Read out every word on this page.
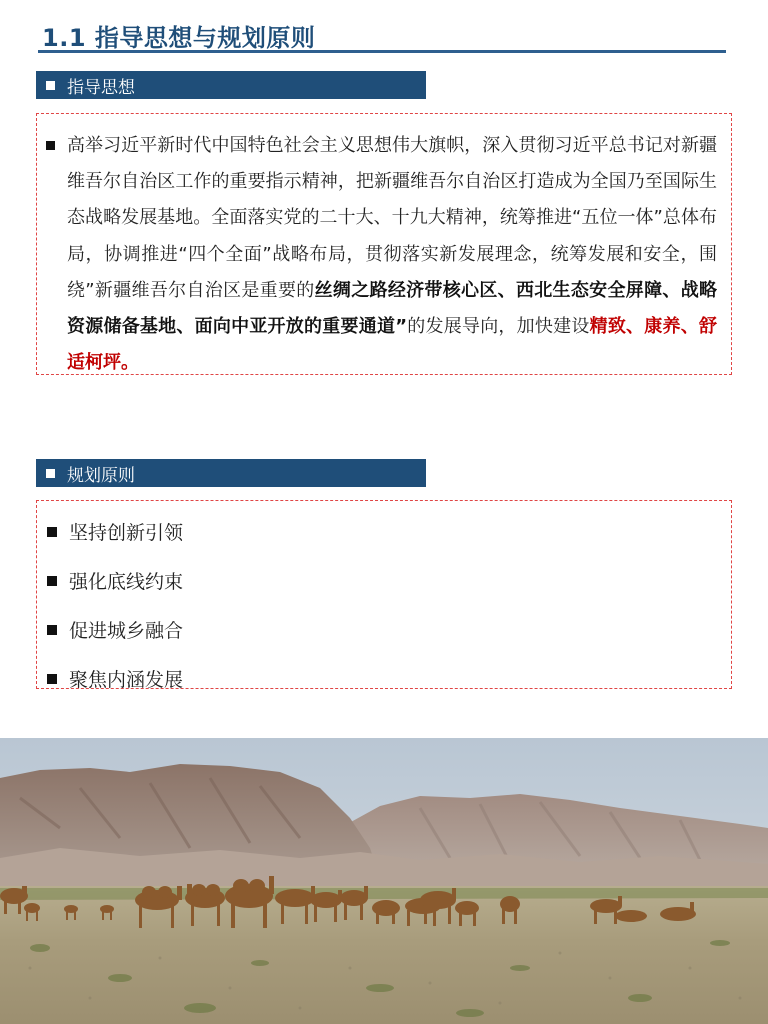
1.1 指导思想与规划原则
指导思想
高举习近平新时代中国特色社会主义思想伟大旗帜，深入贯彻习近平总书记对新疆维吾尔自治区工作的重要指示精神，把新疆维吾尔自治区打造成为全国乃至国际生态战略发展基地。全面落实党的二十大、十九大精神，统筹推进“五位一体”总体布局，协调推进“四个全面”战略布局，贯彻落实新发展理念，统筹发展和安全，围绕”新疆维吾尔自治区是重要的丝绸之路经济带核心区、西北生态安全屏障、战略资源储备基地、面向中亚开放的重要通道”的发展导向，加快建设精致、康养、舒适柯坪。
规划原则
坚持创新引领
强化底线约束
促进城乡融合
聚焦内涵发展
